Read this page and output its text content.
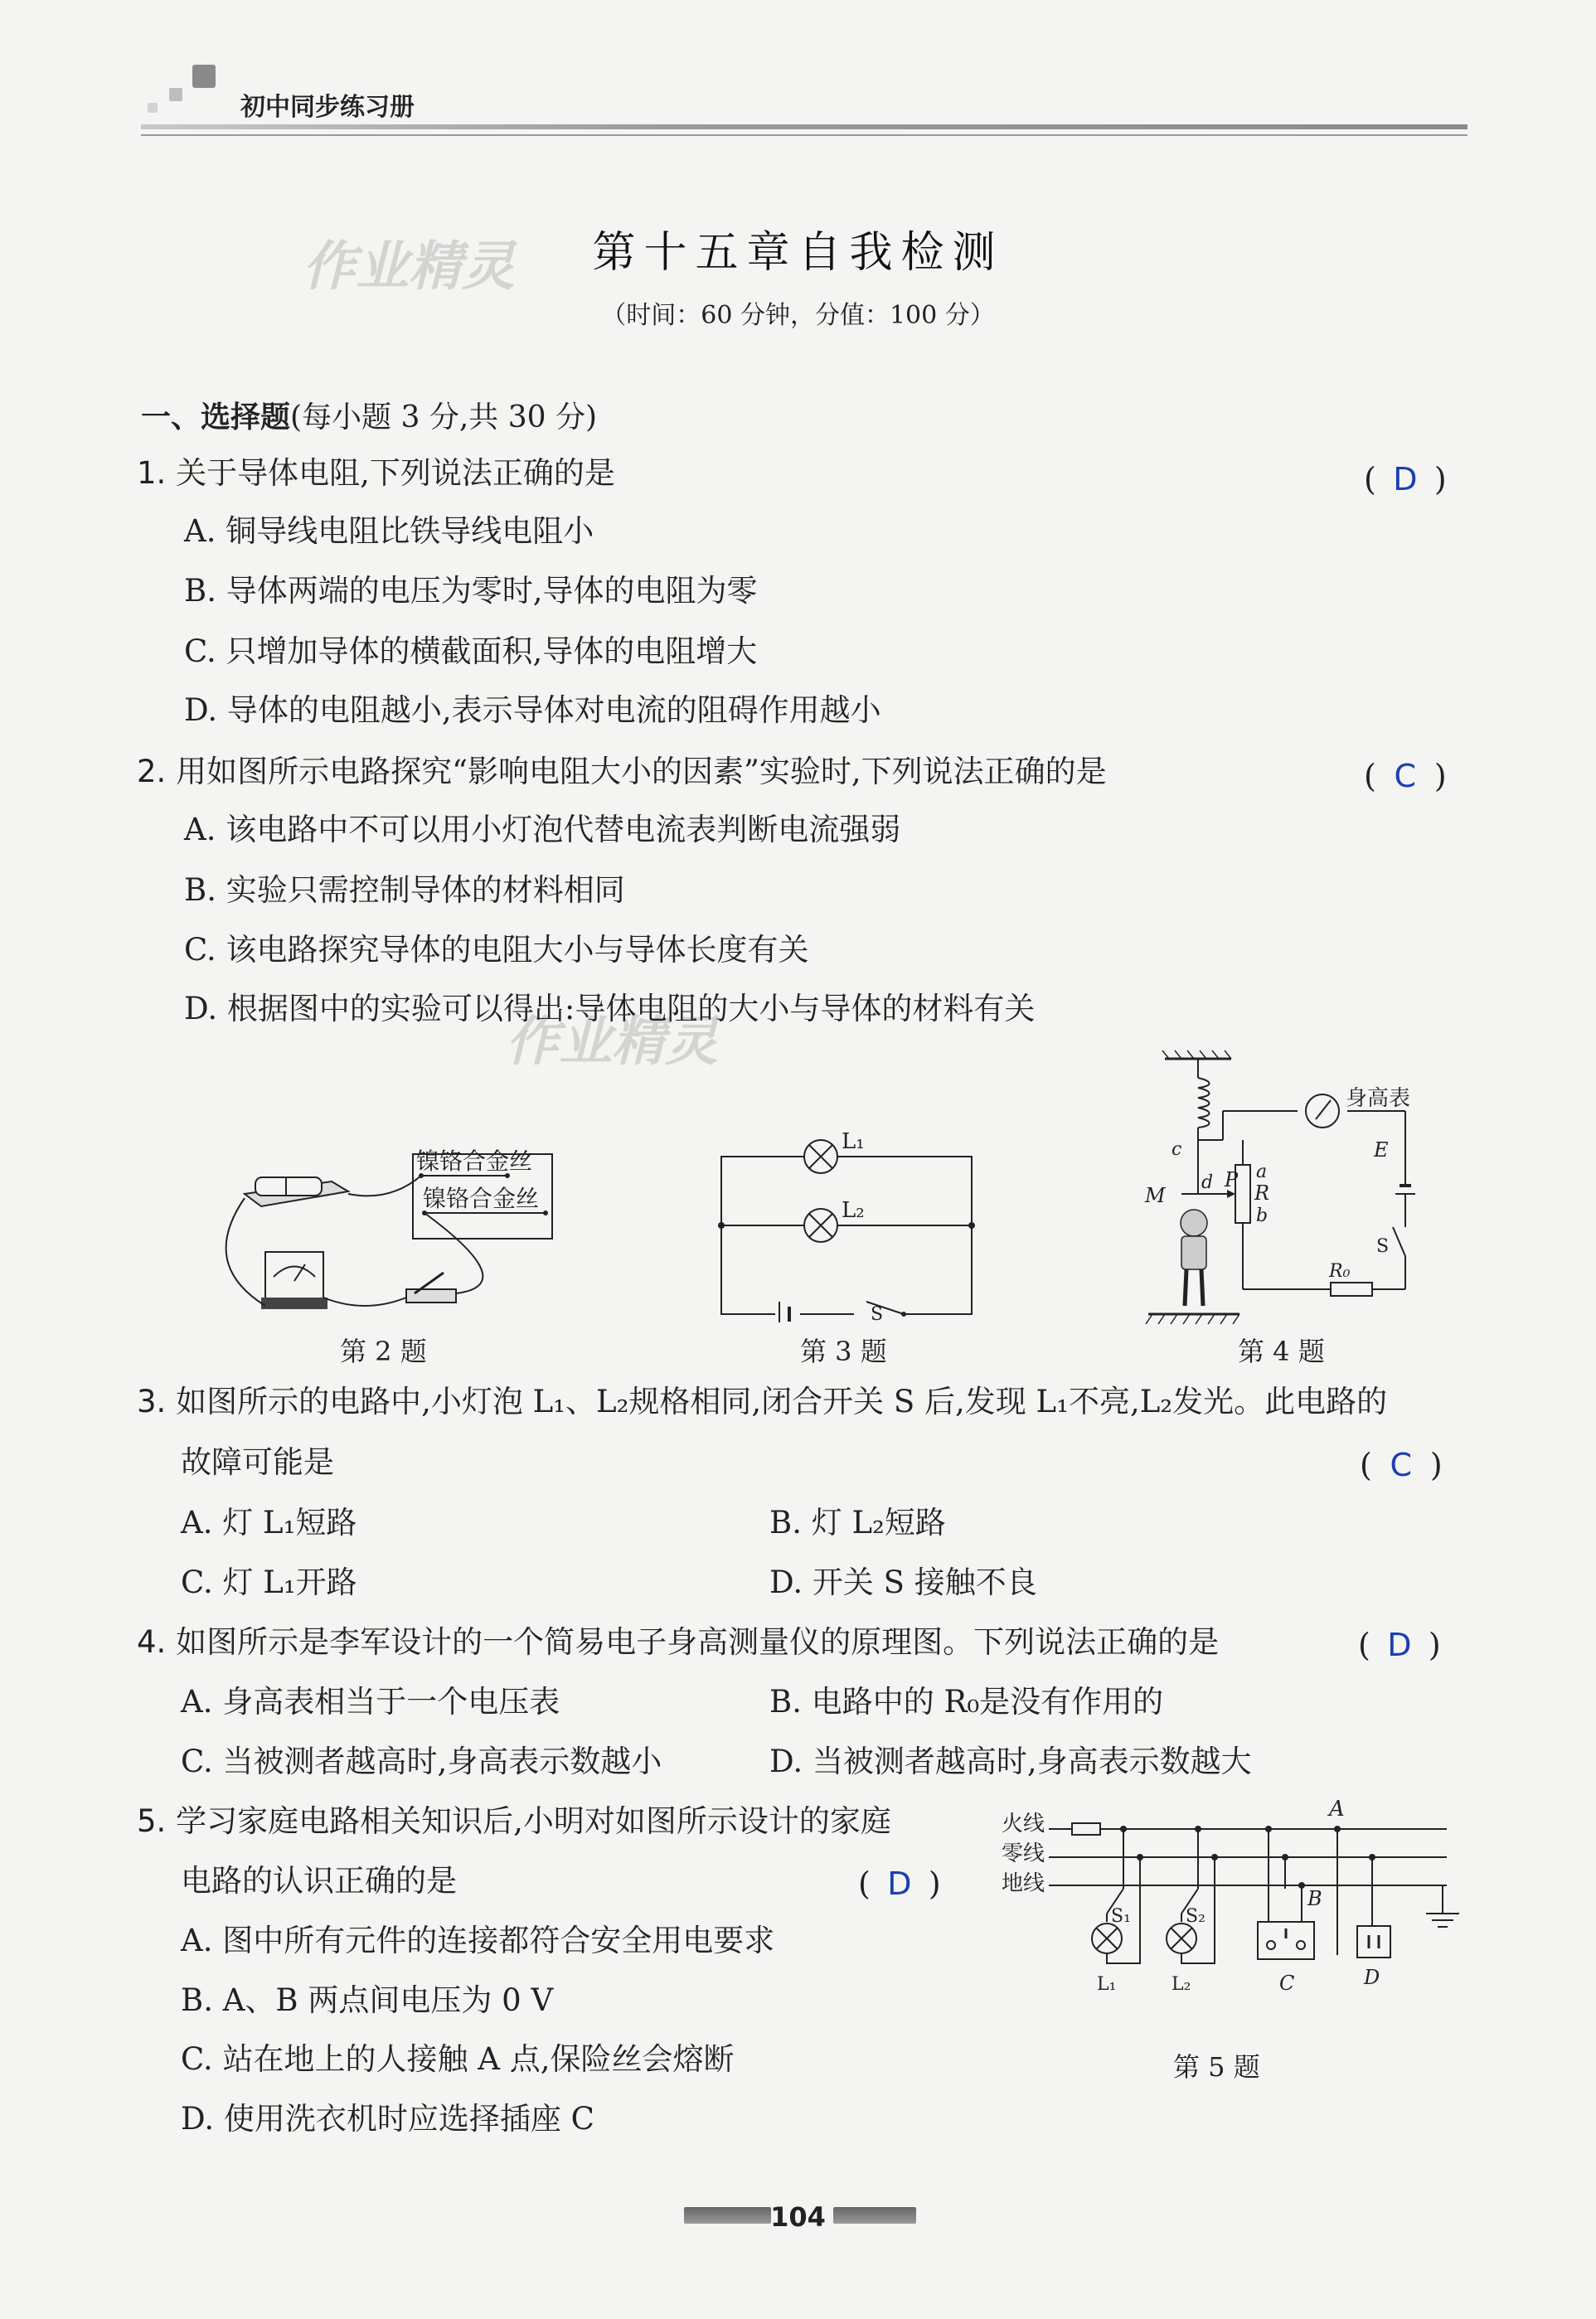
初中同步练习册
作业精灵
作业精灵
第十五章自我检测
（时间：60 分钟，分值：100 分）
一、选择题(每小题 3 分,共 30 分)
1. 关于导体电阻,下列说法正确的是	( D )
A. 铜导线电阻比铁导线电阻小
B. 导体两端的电压为零时,导体的电阻为零
C. 只增加导体的横截面积,导体的电阻增大
D. 导体的电阻越小,表示导体对电流的阻碍作用越小
2. 用如图所示电路探究“影响电阻大小的因素”实验时,下列说法正确的是	( C )
A. 该电路中不可以用小灯泡代替电流表判断电流强弱
B. 实验只需控制导体的材料相同
C. 该电路探究导体的电阻大小与导体长度有关
D. 根据图中的实验可以得出:导体电阻的大小与导体的材料有关
镍铬合金丝
镍铬合金丝
第 2 题
L₁
L₂
S
第 3 题
c
d
M
P a
R
b
身高表
E
S
R₀
第 4 题
3. 如图所示的电路中,小灯泡 L₁、L₂规格相同,闭合开关 S 后,发现 L₁不亮,L₂发光。此电路的
故障可能是	( C )
A. 灯 L₁短路	B. 灯 L₂短路
C. 灯 L₁开路	D. 开关 S 接触不良
4. 如图所示是李军设计的一个简易电子身高测量仪的原理图。下列说法正确的是	( D )
A. 身高表相当于一个电压表	B. 电路中的 R₀是没有作用的
C. 当被测者越高时,身高表示数越小	D. 当被测者越高时,身高表示数越大
5. 学习家庭电路相关知识后,小明对如图所示设计的家庭
电路的认识正确的是	( D )
A. 图中所有元件的连接都符合安全用电要求
B. A、B 两点间电压为 0 V
C. 站在地上的人接触 A 点,保险丝会熔断
D. 使用洗衣机时应选择插座 C
火线
零线
地线
A
S₁
L₁
S₂
L₂
B
C	D
第 5 题
104
